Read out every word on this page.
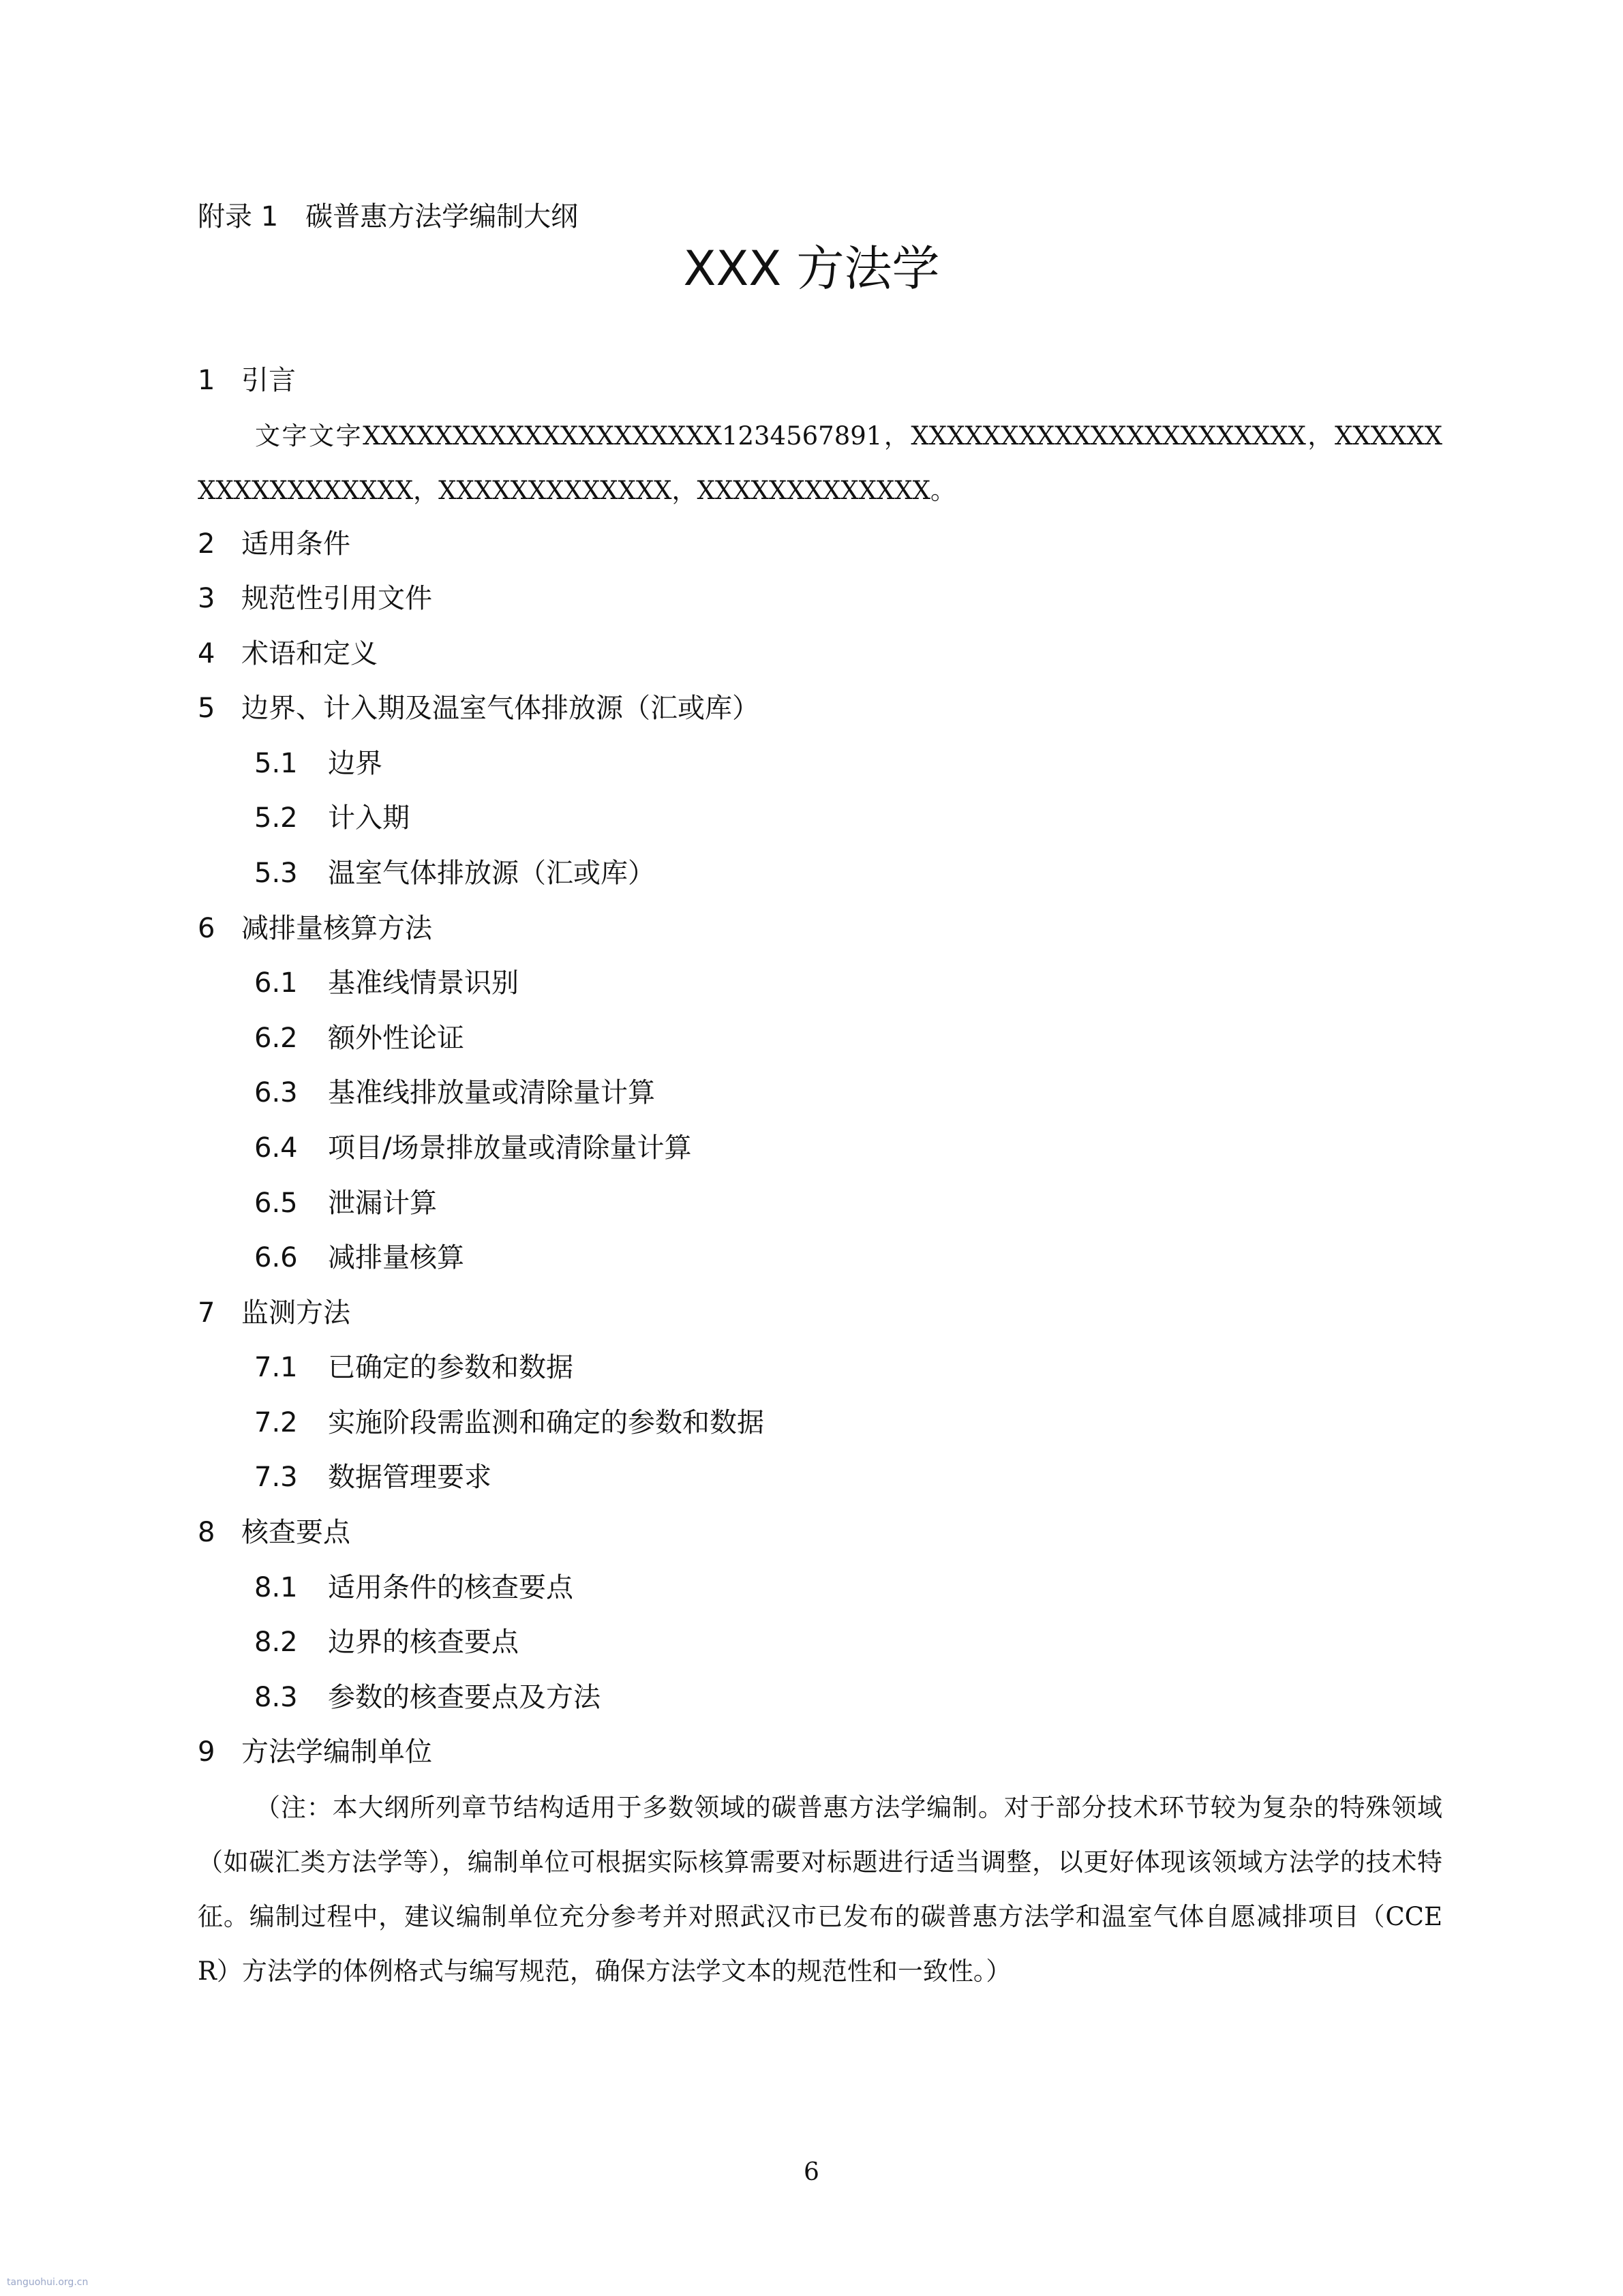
附录 1 碳普惠方法学编制大纲
XXX 方法学
1 引言
文字文字XXXXXXXXXXXXXXXXXXXX1234567891，XXXXXXXXXXXXXXXXXXXXXX，XXXXXXXXXXXXXXXXXX，XXXXXXXXXXXXX，XXXXXXXXXXXXX。
2 适用条件
3 规范性引用文件
4 术语和定义
5 边界、计入期及温室气体排放源（汇或库）
5.1 边界
5.2 计入期
5.3 温室气体排放源（汇或库）
6 减排量核算方法
6.1 基准线情景识别
6.2 额外性论证
6.3 基准线排放量或清除量计算
6.4 项目/场景排放量或清除量计算
6.5 泄漏计算
6.6 减排量核算
7 监测方法
7.1 已确定的参数和数据
7.2 实施阶段需监测和确定的参数和数据
7.3 数据管理要求
8 核查要点
8.1 适用条件的核查要点
8.2 边界的核查要点
8.3 参数的核查要点及方法
9 方法学编制单位
（注：本大纲所列章节结构适用于多数领域的碳普惠方法学编制。对于部分技术环节较为复杂的特殊领域（如碳汇类方法学等），编制单位可根据实际核算需要对标题进行适当调整，以更好体现该领域方法学的技术特征。编制过程中，建议编制单位充分参考并对照武汉市已发布的碳普惠方法学和温室气体自愿减排项目（CCER）方法学的体例格式与编写规范，确保方法学文本的规范性和一致性。）
6
tanguohui.org.cn
